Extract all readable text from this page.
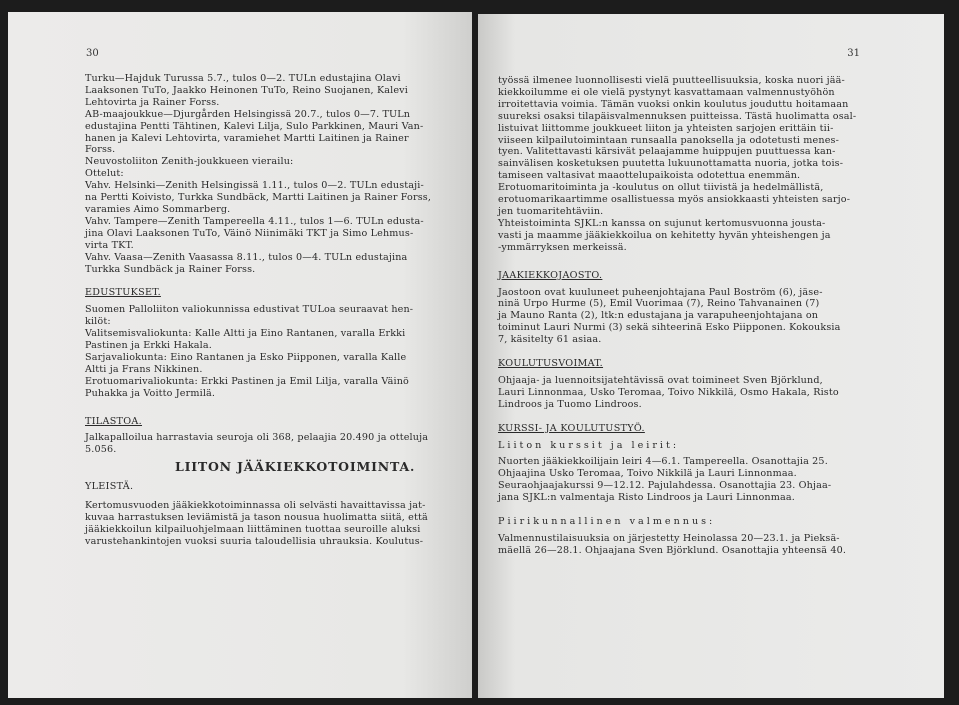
30

Turku—Hajduk Turussa 5.7., tulos 0—2. TULn edustajina Olavi
Laaksonen TuTo, Jaakko Heinonen TuTo, Reino Suojanen, Kalevi
Lehtovirta ja Rainer Forss.

AB-maajoukkue—Djurgården Helsingissä 20.7., tulos 0—7. TULn
edustajina Pentti Tähtinen, Kalevi Lilja, Sulo Parkkinen, Mauri Van-
hanen ja Kalevi Lehtovirta, varamiehet Martti Laitinen ja Rainer
Forss.

Neuvostoliiton Zenith-joukkueen vierailu:

Ottelut:

Vahv. Helsinki—Zenith Helsingissä 1.11., tulos 0—2. TULn edustaji-
na Pertti Koivisto, Turkka Sundbäck, Martti Laitinen ja Rainer Forss,
varamies Aimo Sommarberg.

Vahv. Tampere—Zenith Tampereella 4.11., tulos 1—6. TULn edusta-
jina Olavi Laaksonen TuTo, Väinö Niinimäki TKT ja Simo Lehmus-
virta TKT.

Vahv. Vaasa—Zenith Vaasassa 8.11., tulos 0—4. TULn edustajina
Turkka Sundbäck ja Rainer Forss.

EDUSTUKSET.

Suomen Palloliiton valiokunnissa edustivat TULoa seuraavat hen-
kilöt:

Valitsemisvaliokunta: Kalle Altti ja Eino Rantanen, varalla Erkki
Pastinen ja Erkki Hakala.

Sarjavaliokunta: Eino Rantanen ja Esko Piipponen, varalla Kalle
Altti ja Frans Nikkinen.

Erotuomarivaliokunta: Erkki Pastinen ja Emil Lilja, varalla Väinö
Puhakka ja Voitto Jermilä.

TILASTOA.

Jalkapalloilua harrastavia seuroja oli 368, pelaajia 20.490 ja otteluja
5.056.

LIITON JÄÄKIEKKOTOIMINTA.

YLEISTÄ.

Kertomusvuoden jääkiekkotoiminnassa oli selvästi havaittavissa jat-
kuvaa harrastuksen leviämistä ja tason nousua huolimatta siitä, että
jääkiekkoilun kilpailuohjelmaan liittäminen tuottaa seuroille aluksi
varustehankintojen vuoksi suuria taloudellisia uhrauksia. Koulutus-

31

työssä ilmenee luonnollisesti vielä puutteellisuuksia, koska nuori jää-
kiekkoilumme ei ole vielä pystynyt kasvattamaan valmennustyöhön
irroitettavia voimia. Tämän vuoksi onkin koulutus jouduttu hoitamaan
suureksi osaksi tilapäisvalmennuksen puitteissa. Tästä huolimatta osal-
listuivat liittomme joukkueet liiton ja yhteisten sarjojen erittäin tii-
viiseen kilpailutoimintaan runsaalla panoksella ja odotetusti menes-
tyen. Valitettavasti kärsivät pelaajamme huippujen puuttuessa kan-
sainvälisen kosketuksen puutetta lukuunottamatta nuoria, jotka tois-
tamiseen valtasivat maaottelupaikoista odotettua enemmän.

Erotuomaritoiminta ja -koulutus on ollut tiivistä ja hedelmällistä,
erotuomarikaartimme osallistuessa myös ansiokkaasti yhteisten sarjo-
jen tuomaritehtäviin.

Yhteistoiminta SJKL:n kanssa on sujunut kertomusvuonna jousta-
vasti ja maamme jääkiekkoilua on kehitetty hyvän yhteishengen ja
-ymmärryksen merkeissä.

JAAKIEKKOJAOSTO.

Jaostoon ovat kuuluneet puheenjohtajana Paul Boström (6), jäse-
ninä Urpo Hurme (5), Emil Vuorimaa (7), Reino Tahvanainen (7)
ja Mauno Ranta (2), ltk:n edustajana ja varapuheenjohtajana on
toiminut Lauri Nurmi (3) sekä sihteerinä Esko Piipponen. Kokouksia
7, käsitelty 61 asiaa.

KOULUTUSVOIMAT.

Ohjaaja- ja luennoitsijatehtävissä ovat toimineet Sven Björklund,
Lauri Linnonmaa, Usko Teromaa, Toivo Nikkilä, Osmo Hakala, Risto
Lindroos ja Tuomo Lindroos.

KURSSI- JA KOULUTUSTYÖ.

Liiton kurssit ja leirit:

Nuorten jääkiekkoilijain leiri 4—6.1. Tampereella. Osanottajia 25.
Ohjaajina Usko Teromaa, Toivo Nikkilä ja Lauri Linnonmaa.

Seuraohjaajakurssi 9—12.12. Pajulahdessa. Osanottajia 23. Ohjaa-
jana SJKL:n valmentaja Risto Lindroos ja Lauri Linnonmaa.

Piirikunnallinen valmennus:

Valmennustilaisuuksia on järjestetty Heinolassa 20—23.1. ja Pieksä-
mäellä 26—28.1. Ohjaajana Sven Björklund. Osanottajia yhteensä 40.
